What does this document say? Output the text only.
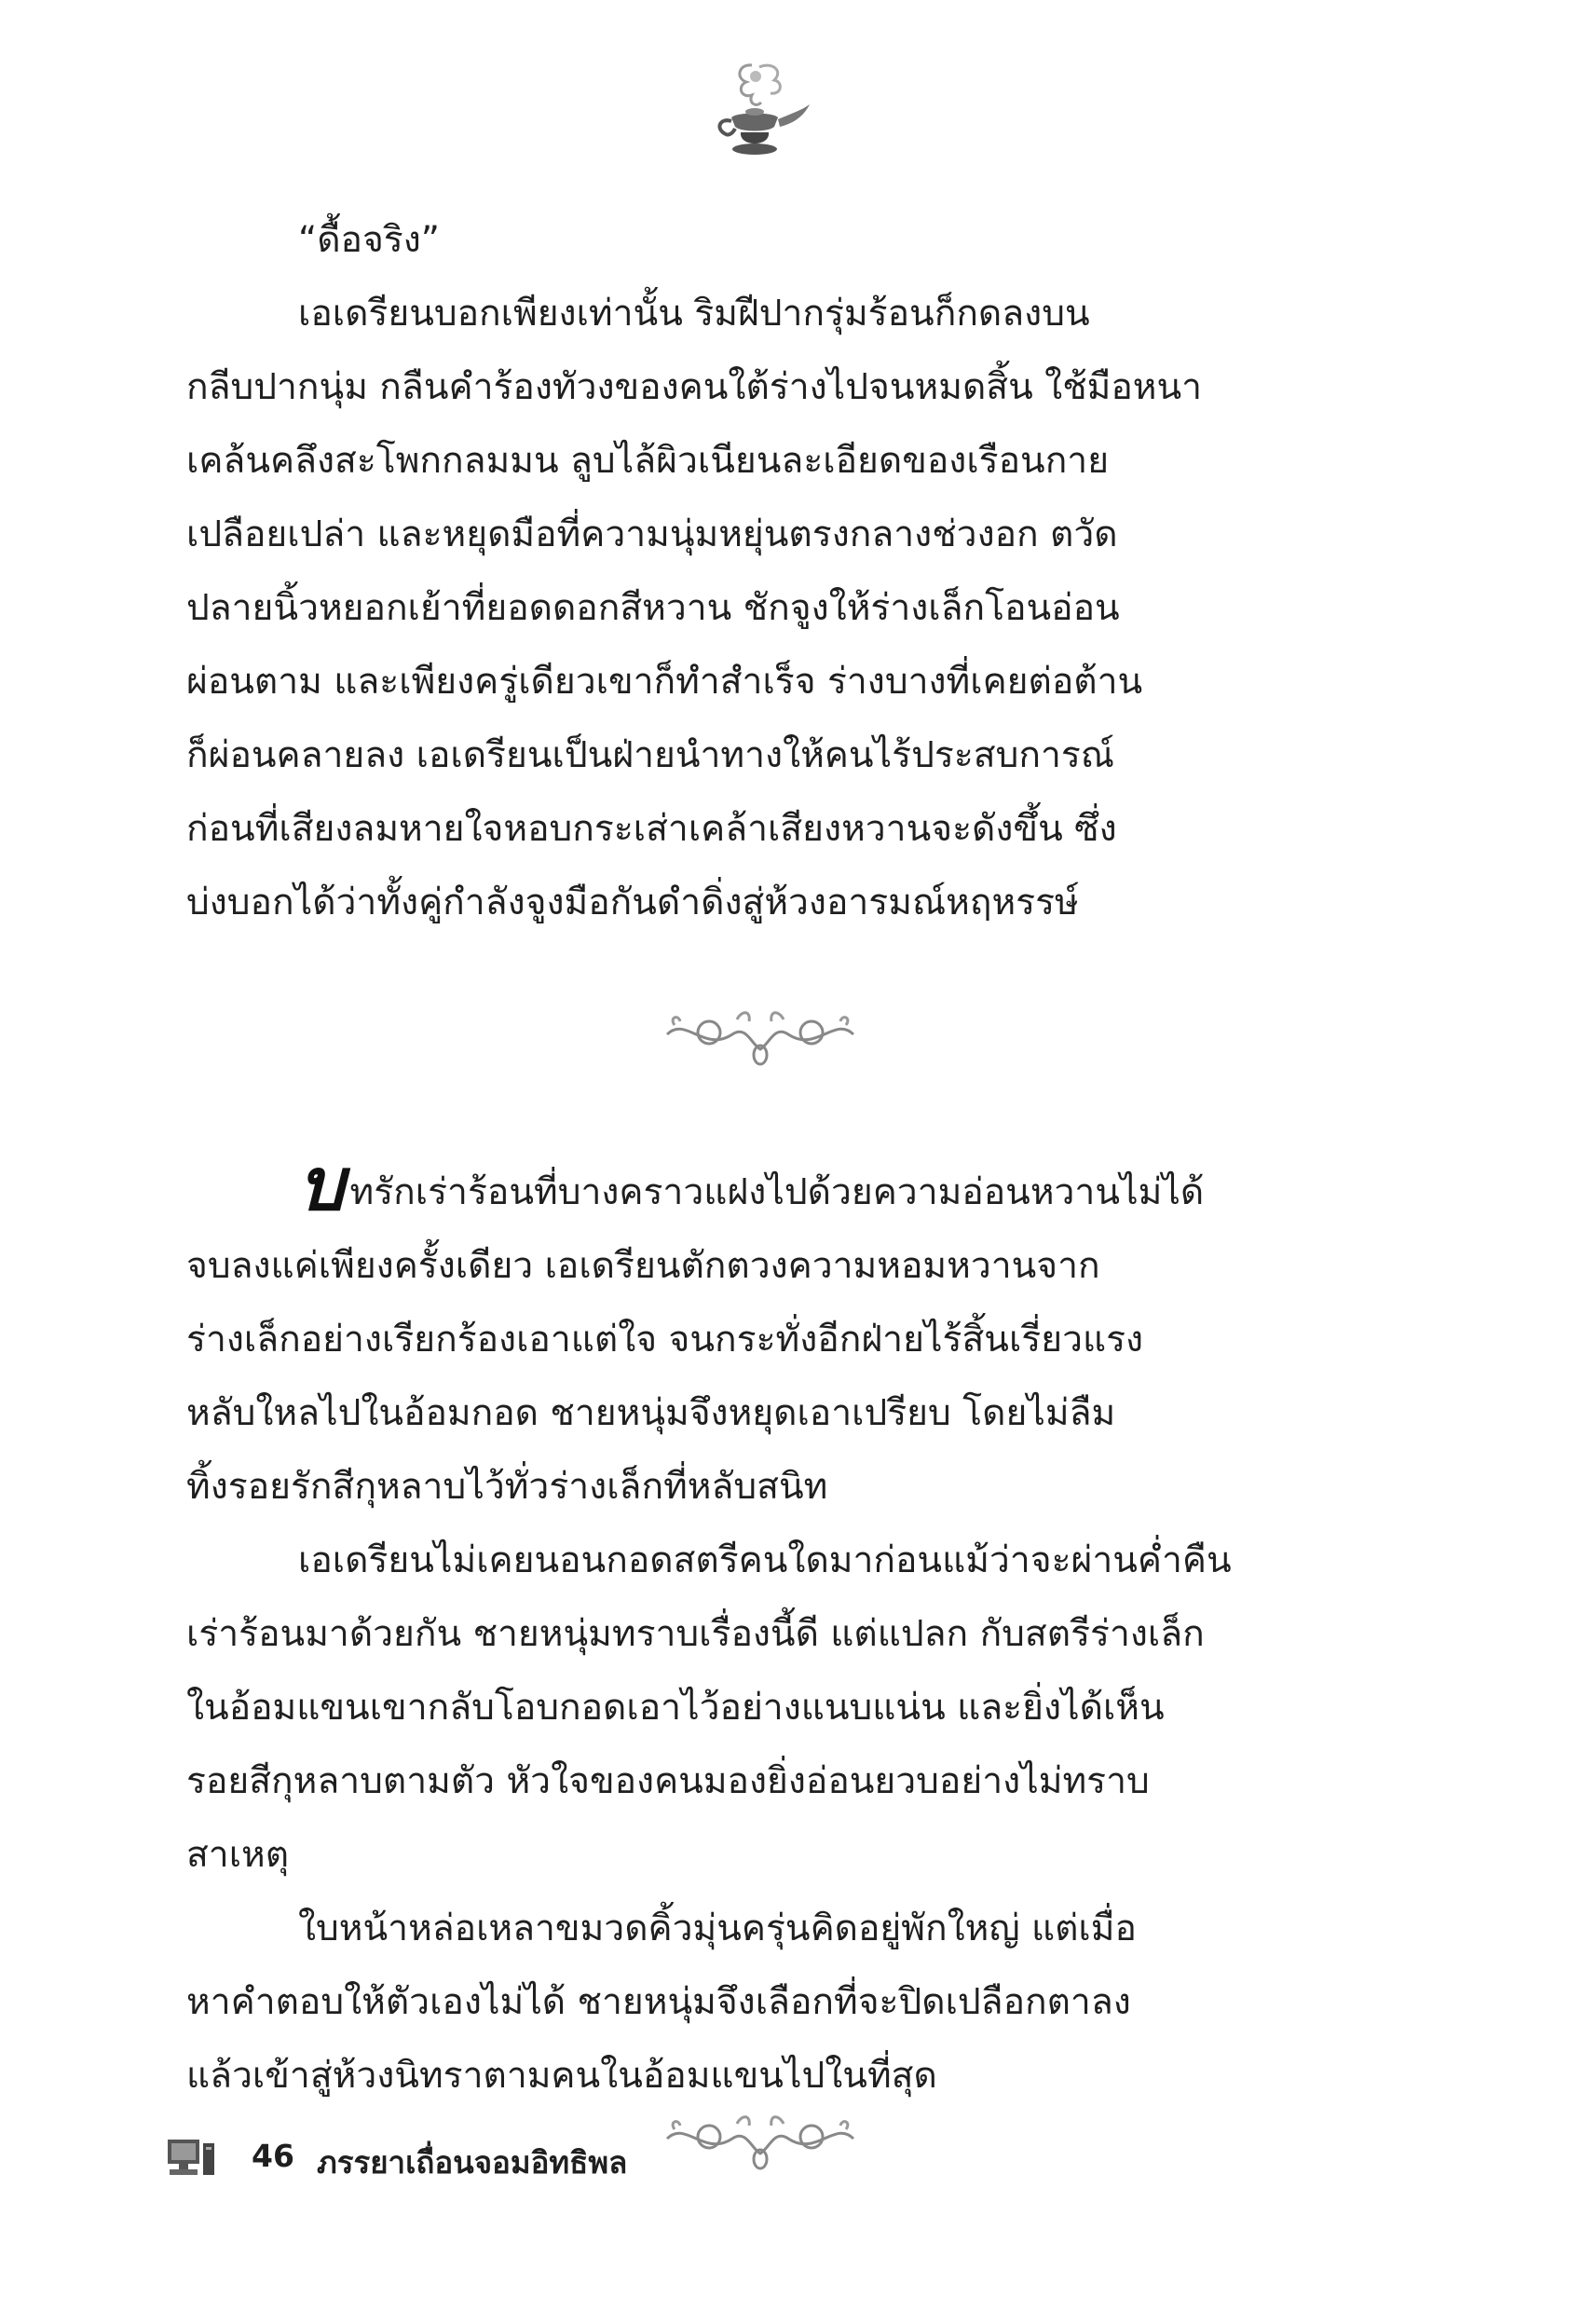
“ดื้อจริง”

เอเดรียนบอกเพียงเท่านั้น ริมฝีปากรุ่มร้อนก็กดลงบน
กลีบปากนุ่ม กลืนคำร้องทัวงของคนใต้ร่างไปจนหมดสิ้น ใช้มือหนา
เคล้นคลึงสะโพกกลมมน ลูบไล้ผิวเนียนละเอียดของเรือนกาย
เปลือยเปล่า และหยุดมือที่ความนุ่มหยุ่นตรงกลางช่วงอก ตวัด
ปลายนิ้วหยอกเย้าที่ยอดดอกสีหวาน ชักจูงให้ร่างเล็กโอนอ่อน
ผ่อนตาม และเพียงครู่เดียวเขาก็ทำสำเร็จ ร่างบางที่เคยต่อต้าน
ก็ผ่อนคลายลง เอเดรียนเป็นฝ่ายนำทางให้คนไร้ประสบการณ์
ก่อนที่เสียงลมหายใจหอบกระเส่าเคล้าเสียงหวานจะดังขึ้น ซึ่ง
บ่งบอกได้ว่าทั้งคู่กำลังจูงมือกันดำดิ่งสู่ห้วงอารมณ์หฤหรรษ์

บทรักเร่าร้อนที่บางคราวแฝงไปด้วยความอ่อนหวานไม่ได้
จบลงแค่เพียงครั้งเดียว เอเดรียนตักตวงความหอมหวานจาก
ร่างเล็กอย่างเรียกร้องเอาแต่ใจ จนกระทั่งอีกฝ่ายไร้สิ้นเรี่ยวแรง
หลับใหลไปในอ้อมกอด ชายหนุ่มจึงหยุดเอาเปรียบ โดยไม่ลืม
ทิ้งรอยรักสีกุหลาบไว้ทั่วร่างเล็กที่หลับสนิท

เอเดรียนไม่เคยนอนกอดสตรีคนใดมาก่อนแม้ว่าจะผ่านค่ำคืน
เร่าร้อนมาด้วยกัน ชายหนุ่มทราบเรื่องนี้ดี แต่แปลก กับสตรีร่างเล็ก
ในอ้อมแขนเขากลับโอบกอดเอาไว้อย่างแนบแน่น และยิ่งได้เห็น
รอยสีกุหลาบตามตัว หัวใจของคนมองยิ่งอ่อนยวบอย่างไม่ทราบ
สาเหตุ

ใบหน้าหล่อเหลาขมวดคิ้วมุ่นครุ่นคิดอยู่พักใหญ่ แต่เมื่อ
หาคำตอบให้ตัวเองไม่ได้ ชายหนุ่มจึงเลือกที่จะปิดเปลือกตาลง
แล้วเข้าสู่ห้วงนิทราตามคนในอ้อมแขนไปในที่สุด

46 ภรรยาเถื่อนจอมอิทธิพล
